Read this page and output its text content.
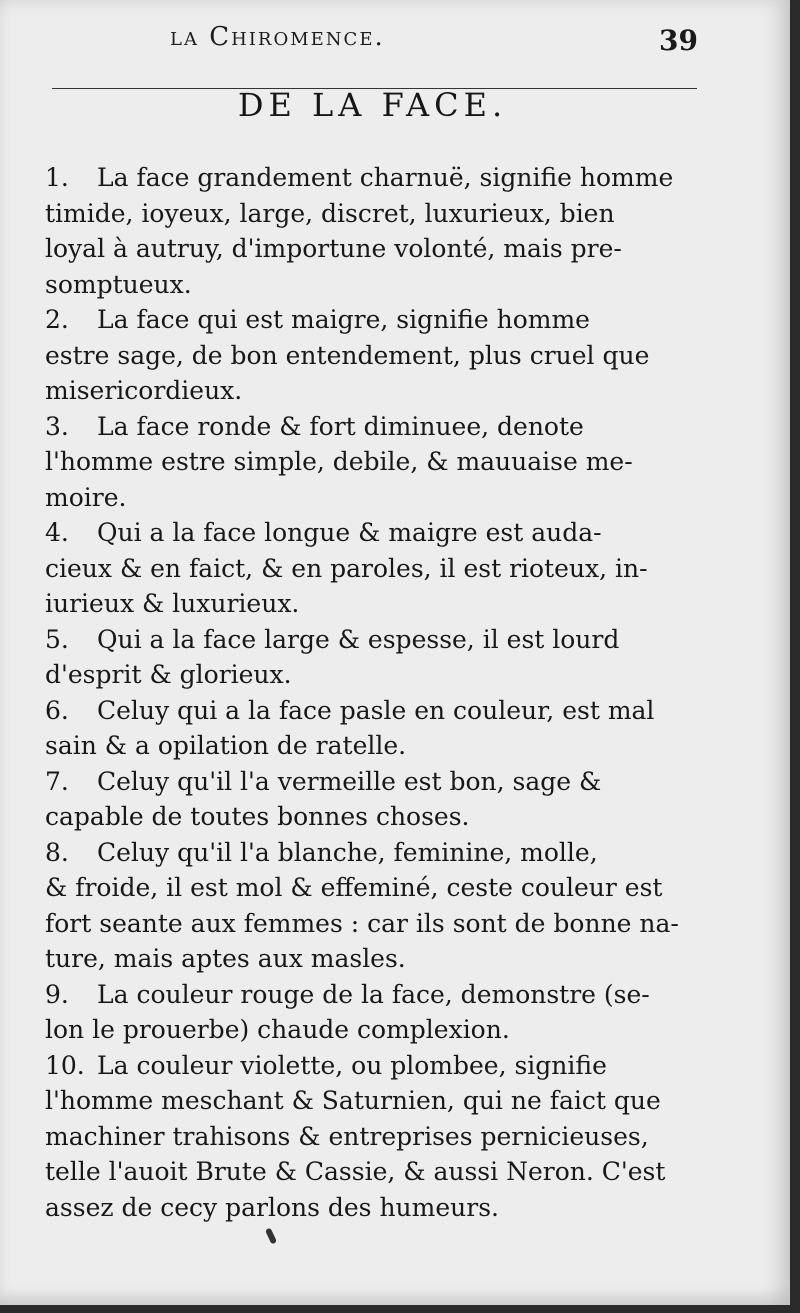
la Chiromence.	39
DE LA FACE.
1. La face grandement charnuë, signifie homme
timide, ioyeux, large, discret, luxurieux, bien
loyal à autruy, d'importune volonté, mais pre-
somptueux.
2. La face qui est maigre, signifie homme
estre sage, de bon entendement, plus cruel que
misericordieux.
3. La face ronde & fort diminuee, denote
l'homme estre simple, debile, & mauuaise me-
moire.
4. Qui a la face longue & maigre est auda-
cieux & en faict, & en paroles, il est rioteux, in-
iurieux & luxurieux.
5. Qui a la face large & espesse, il est lourd
d'esprit & glorieux.
6. Celuy qui a la face pasle en couleur, est mal
sain & a opilation de ratelle.
7. Celuy qu'il l'a vermeille est bon, sage &
capable de toutes bonnes choses.
8. Celuy qu'il l'a blanche, feminine, molle,
& froide, il est mol & effeminé, ceste couleur est
fort seante aux femmes : car ils sont de bonne na-
ture, mais aptes aux masles.
9. La couleur rouge de la face, demonstre (se-
lon le prouerbe) chaude complexion.
10. La couleur violette, ou plombee, signifie
l'homme meschant & Saturnien, qui ne faict que
machiner trahisons & entreprises pernicieuses,
telle l'auoit Brute & Cassie, & aussi Neron. C'est
assez de cecy parlons des humeurs.
